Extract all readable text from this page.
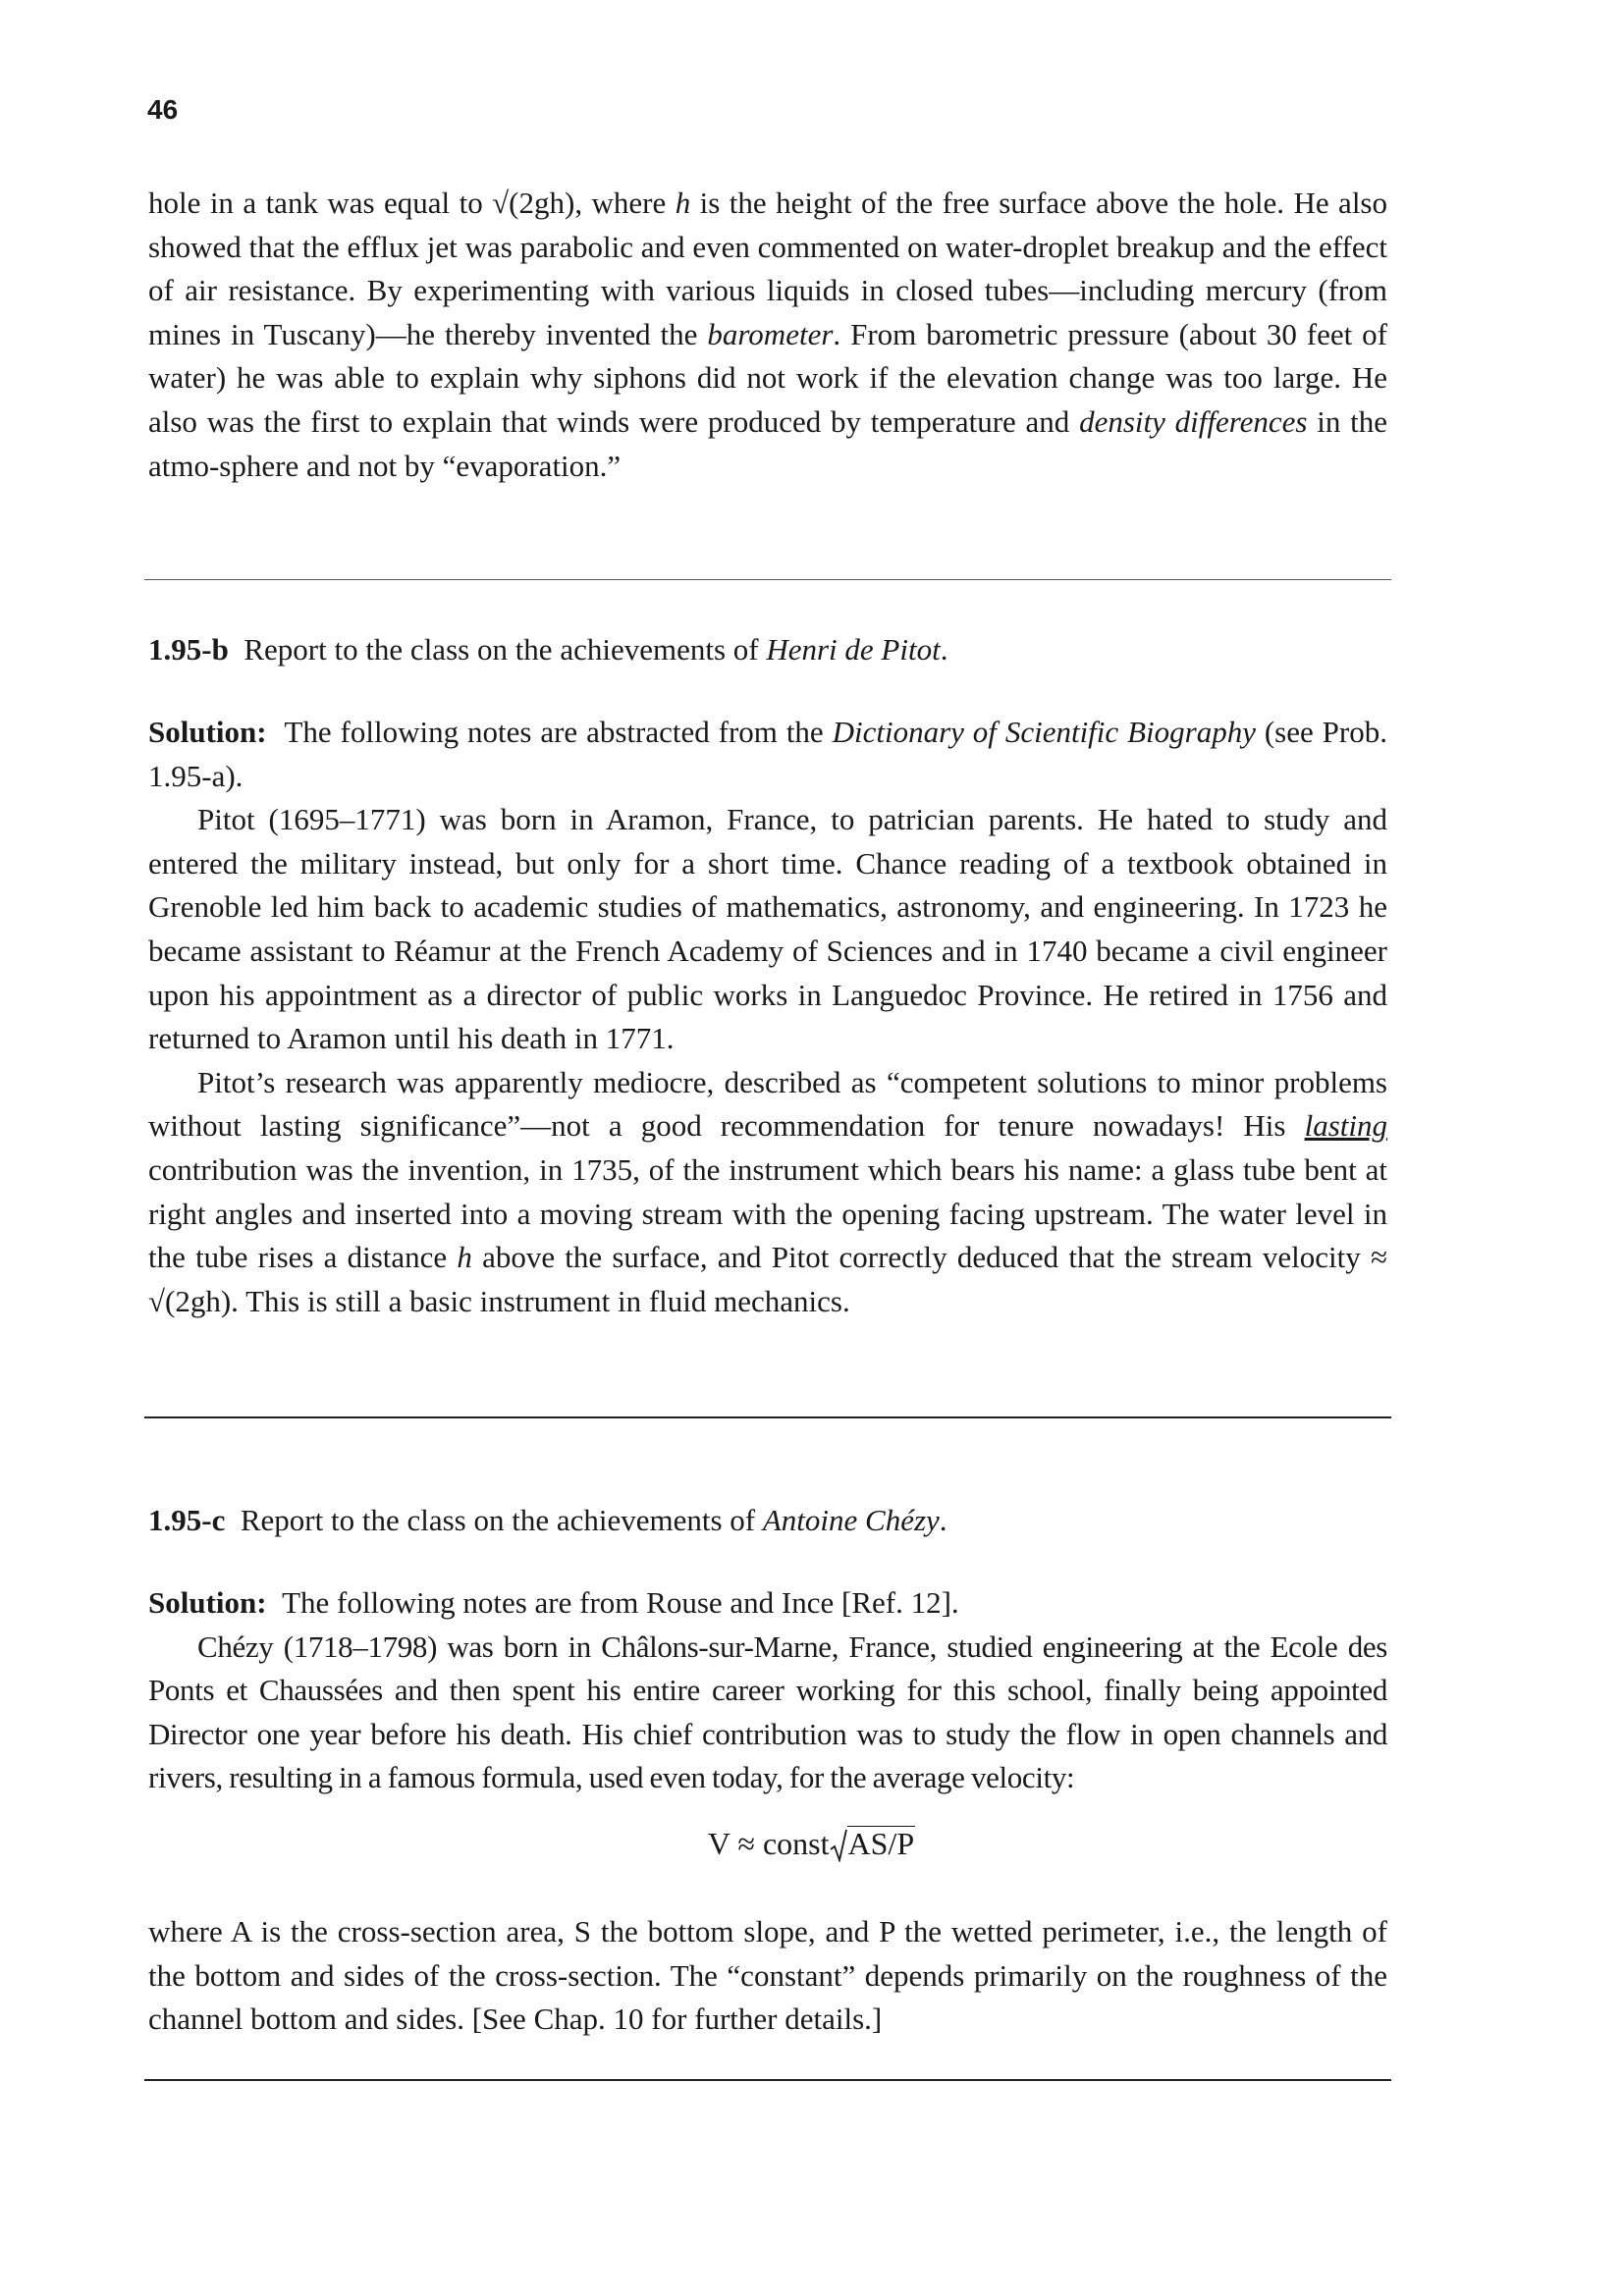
46

hole in a tank was equal to √(2gh), where h is the height of the free surface above the hole. He also showed that the efflux jet was parabolic and even commented on water-droplet breakup and the effect of air resistance. By experimenting with various liquids in closed tubes—including mercury (from mines in Tuscany)—he thereby invented the barometer. From barometric pressure (about 30 feet of water) he was able to explain why siphons did not work if the elevation change was too large. He also was the first to explain that winds were produced by temperature and density differences in the atmo-sphere and not by “evaporation.”

1.95-b Report to the class on the achievements of Henri de Pitot.

Solution: The following notes are abstracted from the Dictionary of Scientific Biography (see Prob. 1.95-a).

Pitot (1695–1771) was born in Aramon, France, to patrician parents. He hated to study and entered the military instead, but only for a short time. Chance reading of a textbook obtained in Grenoble led him back to academic studies of mathematics, astronomy, and engineering. In 1723 he became assistant to Réamur at the French Academy of Sciences and in 1740 became a civil engineer upon his appointment as a director of public works in Languedoc Province. He retired in 1756 and returned to Aramon until his death in 1771.

Pitot’s research was apparently mediocre, described as “competent solutions to minor problems without lasting significance”—not a good recommendation for tenure nowadays! His lasting contribution was the invention, in 1735, of the instrument which bears his name: a glass tube bent at right angles and inserted into a moving stream with the opening facing upstream. The water level in the tube rises a distance h above the surface, and Pitot correctly deduced that the stream velocity ≈ √(2gh). This is still a basic instrument in fluid mechanics.

1.95-c Report to the class on the achievements of Antoine Chézy.

Solution: The following notes are from Rouse and Ince [Ref. 12].

Chézy (1718–1798) was born in Châlons-sur-Marne, France, studied engineering at the Ecole des Ponts et Chaussées and then spent his entire career working for this school, finally being appointed Director one year before his death. His chief contribution was to study the flow in open channels and rivers, resulting in a famous formula, used even today, for the average velocity:

V ≈ const AS/P

where A is the cross-section area, S the bottom slope, and P the wetted perimeter, i.e., the length of the bottom and sides of the cross-section. The “constant” depends primarily on the roughness of the channel bottom and sides. [See Chap. 10 for further details.]
